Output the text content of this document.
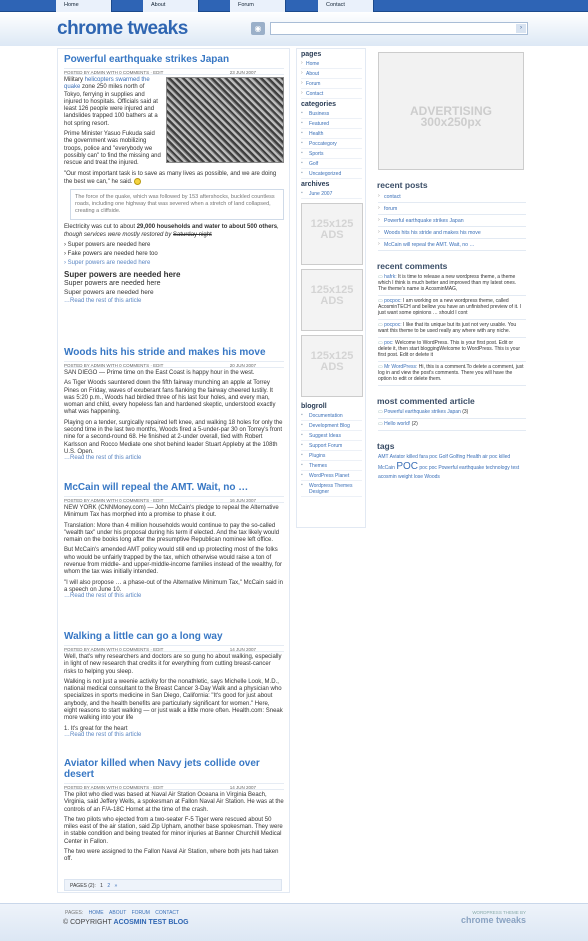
Home	About	Forum	Contact
chrome tweaks	◉	›
Powerful earthquake strikes Japan
POSTED BY ADMIN WITH 0 COMMENTS · EDIT	23 JUN 2007

Military helicopters swarmed the quake zone 250 miles north of Tokyo, ferrying in supplies and injured to hospitals. Officials said at least 126 people were injured and landslides trapped 100 bathers at a hot spring resort.

Prime Minister Yasuo Fukuda said the government was mobilizing troops, police and "everybody we possibly can" to find the missing and rescue and treat the injured.

"Our most important task is to save as many lives as possible, and we are doing the best we can," he said.

The force of the quake, which was followed by 153 aftershocks, buckled countless roads, including one highway that was severed when a stretch of land collapsed, creating a cliffside.

Electricity was cut to about 29,000 households and water to about 500 others, though services were mostly restored by Saturday night

› Super powers are needed here
› Fake powers are needed here too
› Super powers are needed here
Super powers are needed here
Super powers are needed here
Super powers are needed here
…Read the rest of this article
Woods hits his stride and makes his move
POSTED BY ADMIN WITH 0 COMMENTS · EDIT	20 JUN 2007

SAN DIEGO — Prime time on the East Coast is happy hour in the west.

As Tiger Woods sauntered down the fifth fairway munching an apple at Torrey Pines on Friday, waves of exuberant fans flanking the fairway cheered lustily. It was 5:20 p.m., Woods had birdied three of his last four holes, and every man, woman and child, every hopeless fan and hardened skeptic, understood exactly what was happening.

Playing on a tender, surgically repaired left knee, and walking 18 holes for only the second time in the last two months, Woods fired a 5-under-par 30 on Torrey's front nine for a second-round 68. He finished at 2-under overall, tied with Robert Karlsson and Rocco Mediate one shot behind leader Stuart Appleby at the 108th U.S. Open.

…Read the rest of this article
McCain will repeal the AMT. Wait, no …
POSTED BY ADMIN WITH 0 COMMENTS · EDIT	16 JUN 2007

NEW YORK (CNNMoney.com) — John McCain's pledge to repeal the Alternative Minimum Tax has morphed into a promise to phase it out.

Translation: More than 4 million households would continue to pay the so-called "wealth tax" under his proposal during his term if elected. And the tax likely would remain on the books long after the presumptive Republican nominee left office.

But McCain's amended AMT policy would still end up protecting most of the folks who would be unfairly trapped by the tax, which otherwise would raise a ton of revenue from middle- and upper-middle-income families instead of the wealthy, for whom the tax was initially intended.

"I will also propose … a phase-out of the Alternative Minimum Tax," McCain said in a speech on June 10.

…Read the rest of this article
Walking a little can go a long way
POSTED BY ADMIN WITH 0 COMMENTS · EDIT	14 JUN 2007

Well, that's why researchers and doctors are so gung ho about walking, especially in light of new research that credits it for everything from cutting breast-cancer risks to helping you sleep.

Walking is not just a weenie activity for the nonathletic, says Michelle Look, M.D., national medical consultant to the Breast Cancer 3-Day Walk and a physician who specializes in sports medicine in San Diego, California: "It's good for just about anybody, and the health benefits are particularly significant for women." Here, eight reasons to start walking — or just walk a little more often. Health.com: Sneak more walking into your life

1. It's great for the heart

…Read the rest of this article
Aviator killed when Navy jets collide over desert
POSTED BY ADMIN WITH 0 COMMENTS · EDIT	14 JUN 2007

The pilot who died was based at Naval Air Station Oceana in Virginia Beach, Virginia, said Jeffery Wells, a spokesman at Fallon Naval Air Station. He was at the controls of an F/A-18C Hornet at the time of the crash.

The two pilots who ejected from a two-seater F-5 Tiger were rescued about 50 miles east of the air station, said Zip Upham, another base spokesman. They were in stable condition and being treated for minor injuries at Banner Churchill Medical Center in Fallon.

The two were assigned to the Fallon Naval Air Station, where both jets had taken off.

PAGES (2): 1 2 »
pages
› Home
› About
› Forum
› Contact
categories
▪ Business
▪ Featured
▪ Health
▪ Poccategory
▪ Sports
▪ Golf
▪ Uncategorized
archives
▪ June 2007
125x125 ADS
125x125 ADS
125x125 ADS
blogroll
▪ Documentation
▪ Development Blog
▪ Suggest Ideas
▪ Support Forum
▪ Plugins
▪ Themes
▪ WordPress Planet
▪ Wordpress Themes Designer
ADVERTISING 300x250px
recent posts
› contact
› forum
› Powerful earthquake strikes Japan
› Woods hits his stride and makes his move
› McCain will repeal the AMT. Wait, no …
recent comments
▭ hafrk: It is time to release a new wordpress theme, a theme which I think is much better and improved than my latest ones. The theme's name is AcosminMAG,
▭ pocpoc: I am working on a new wordpress theme, called AcosminTECH and bellow you have an unfinished preview of it. I just want some opinions … should I cont
▭ pocpoc: I like that its unique but its just not very usable. You want this theme to be used really any where with any niche.
▭ poc: Welcome to WordPress. This is your first post. Edit or delete it, then start bloggingWelcome to WordPress. This is your first post. Edit or delete it
▭ Mr WordPress: Hi, this is a comment.To delete a comment, just log in and view the post's comments. There you will have the option to edit or delete them.
most commented article
▭ Powerful earthquake strikes Japan (3)
▭ Hello world! (2)
tags
AMT Aviator killed fara poc Golf Golfing Health air poc killed McCain POC poc poc Powerful earthquake technology test acosmin weight lose Woods
PAGES: HOME ABOUT FORUM CONTACT
© COPYRIGHT ACOSMIN TEST BLOG
WORDPRESS THEME BY
chrome tweaks
